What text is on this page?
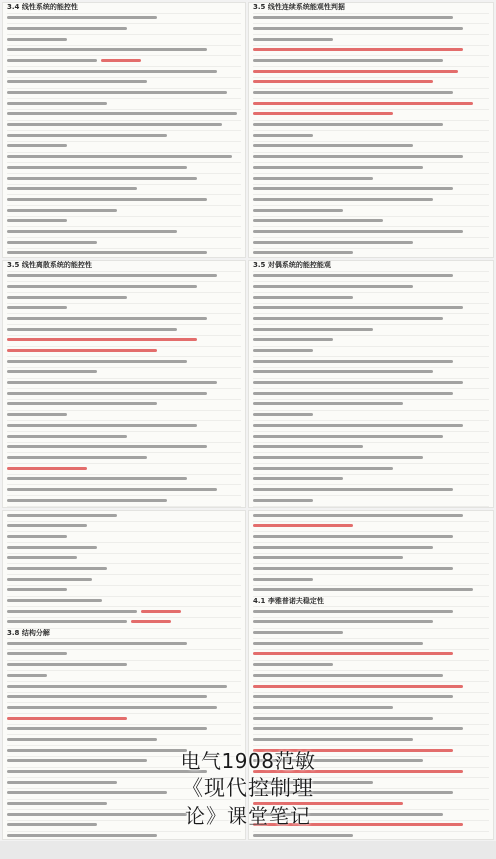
3.4 线性系统的能控性	3.5 线性连续系统能观性判据
3.5 线性离散系统的能控性	3.5 对偶系统的能控能观
3.8 结构分解
4.1 李雅普诺夫稳定性
电气1908范敏
《现代控制理
论》课堂笔记
